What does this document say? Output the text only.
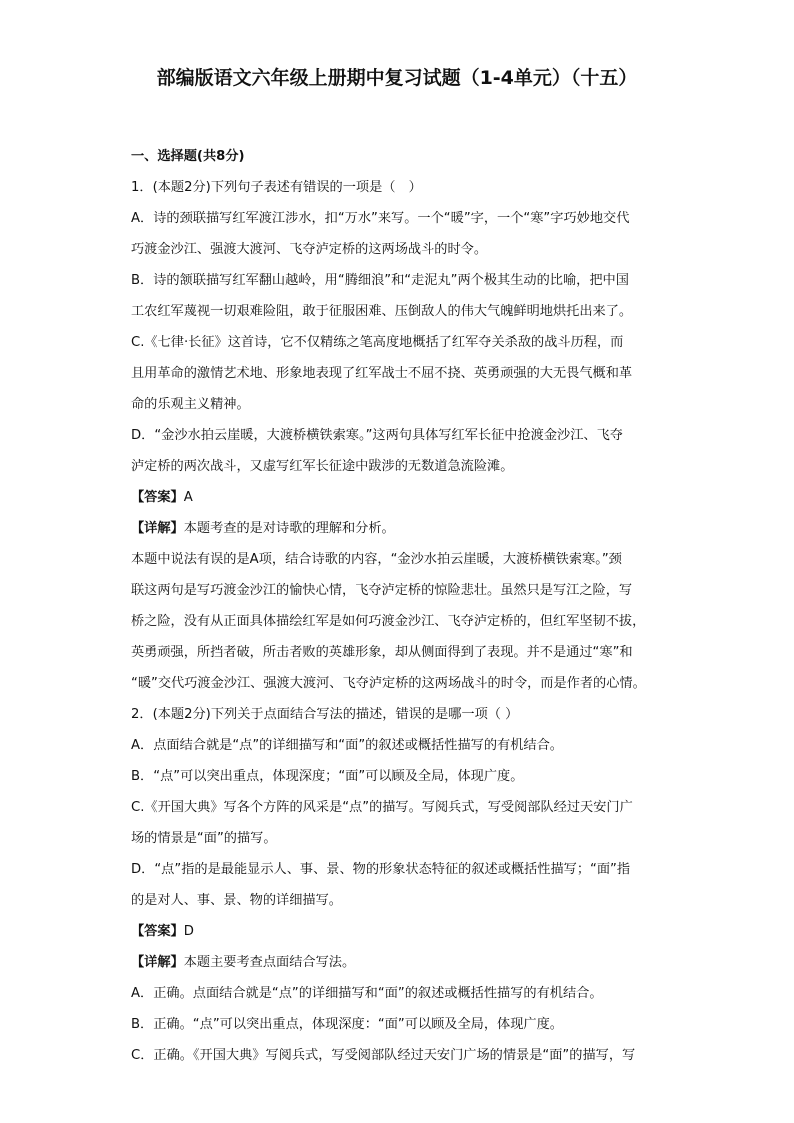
部编版语文六年级上册期中复习试题（1-4单元）（十五）

一、选择题(共8分)

1．(本题2分)下列句子表述有错误的一项是（　）

A．诗的颈联描写红军渡江涉水，扣“万水”来写。一个“暖”字，一个“寒”字巧妙地交代

巧渡金沙江、强渡大渡河、飞夺泸定桥的这两场战斗的时令。

B．诗的颔联描写红军翻山越岭，用“腾细浪”和“走泥丸”两个极其生动的比喻，把中国

工农红军蔑视一切艰难险阻，敢于征服困难、压倒敌人的伟大气魄鲜明地烘托出来了。

C.《七律·长征》这首诗，它不仅精练之笔高度地概括了红军夺关杀敌的战斗历程，而

且用革命的激情艺术地、形象地表现了红军战士不屈不挠、英勇顽强的大无畏气概和革

命的乐观主义精神。

D．“金沙水拍云崖暖，大渡桥横铁索寒。”这两句具体写红军长征中抢渡金沙江、飞夺

泸定桥的两次战斗，又虚写红军长征途中跋涉的无数道急流险滩。

【答案】A

【详解】本题考查的是对诗歌的理解和分析。

本题中说法有误的是A项，结合诗歌的内容，“金沙水拍云崖暖，大渡桥横铁索寒。”颈

联这两句是写巧渡金沙江的愉快心情，飞夺泸定桥的惊险悲壮。虽然只是写江之险，写

桥之险，没有从正面具体描绘红军是如何巧渡金沙江、飞夺泸定桥的，但红军坚韧不拔，

英勇顽强，所挡者破，所击者败的英雄形象，却从侧面得到了表现。并不是通过“寒”和

“暖”交代巧渡金沙江、强渡大渡河、飞夺泸定桥的这两场战斗的时令，而是作者的心情。

2．(本题2分)下列关于点面结合写法的描述，错误的是哪一项（ ）

A．点面结合就是“点”的详细描写和“面”的叙述或概括性描写的有机结合。

B．“点”可以突出重点，体现深度；“面”可以顾及全局，体现广度。

C.《开国大典》写各个方阵的风采是“点”的描写。写阅兵式，写受阅部队经过天安门广

场的情景是“面”的描写。

D．“点”指的是最能显示人、事、景、物的形象状态特征的叙述或概括性描写；“面”指

的是对人、事、景、物的详细描写。

【答案】D

【详解】本题主要考查点面结合写法。

A．正确。点面结合就是“点”的详细描写和“面”的叙述或概括性描写的有机结合。

B．正确。“点”可以突出重点，体现深度：“面”可以顾及全局，体现广度。

C．正确。《开国大典》写阅兵式，写受阅部队经过天安门广场的情景是“面”的描写，写
